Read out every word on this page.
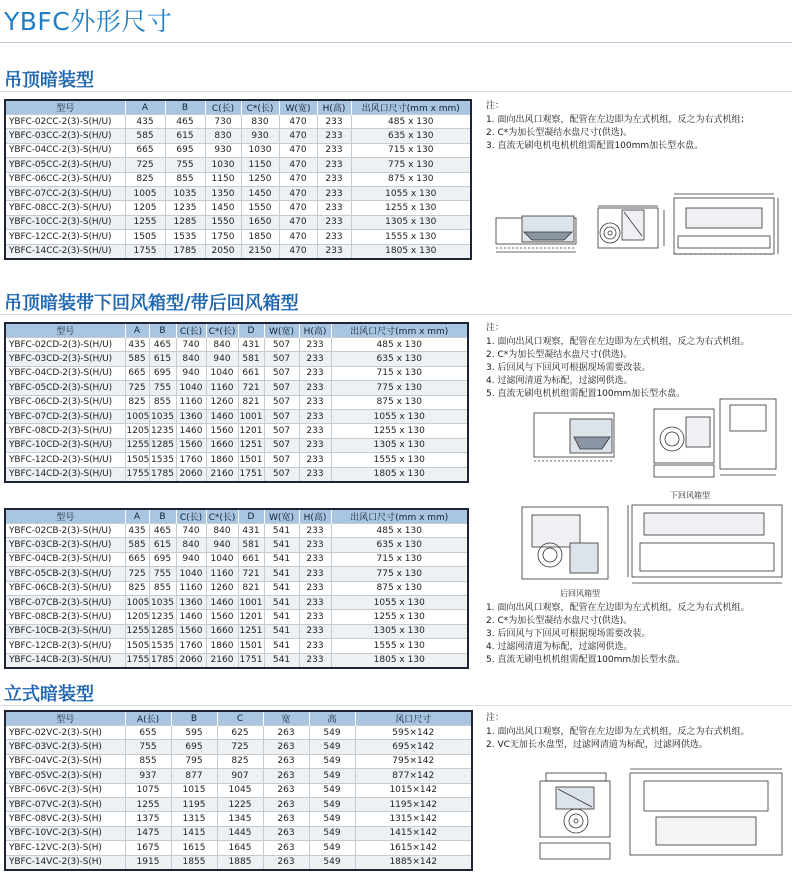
YBFC外形尺寸
吊顶暗装型
型号	A	B	C(长)	C*(长)	W(宽)	H(高)	出风口尺寸(mm x mm)
YBFC-02CC-2(3)-S(H/U)	435	465	730	830	470	233	485 x 130
YBFC-03CC-2(3)-S(H/U)	585	615	830	930	470	233	635 x 130
YBFC-04CC-2(3)-S(H/U)	665	695	930	1030	470	233	715 x 130
YBFC-05CC-2(3)-S(H/U)	725	755	1030	1150	470	233	775 x 130
YBFC-06CC-2(3)-S(H/U)	825	855	1150	1250	470	233	875 x 130
YBFC-07CC-2(3)-S(H/U)	1005	1035	1350	1450	470	233	1055 x 130
YBFC-08CC-2(3)-S(H/U)	1205	1235	1450	1550	470	233	1255 x 130
YBFC-10CC-2(3)-S(H/U)	1255	1285	1550	1650	470	233	1305 x 130
YBFC-12CC-2(3)-S(H/U)	1505	1535	1750	1850	470	233	1555 x 130
YBFC-14CC-2(3)-S(H/U)	1755	1785	2050	2150	470	233	1805 x 130
注：
1. 面向出风口观察，配管在左边即为左式机组，反之为右式机组；
2. C*为加长型凝结水盘尺寸(供选)。
3. 直流无刷电机电机机组需配置100mm加长型水盘。
吊顶暗装带下回风箱型/带后回风箱型
型号	A	B	C(长)	C*(长)	D	W(宽)	H(高)	出风口尺寸(mm x mm)
YBFC-02CD-2(3)-S(H/U)	435	465	740	840	431	507	233	485 x 130
YBFC-03CD-2(3)-S(H/U)	585	615	840	940	581	507	233	635 x 130
YBFC-04CD-2(3)-S(H/U)	665	695	940	1040	661	507	233	715 x 130
YBFC-05CD-2(3)-S(H/U)	725	755	1040	1160	721	507	233	775 x 130
YBFC-06CD-2(3)-S(H/U)	825	855	1160	1260	821	507	233	875 x 130
YBFC-07CD-2(3)-S(H/U)	1005	1035	1360	1460	1001	507	233	1055 x 130
YBFC-08CD-2(3)-S(H/U)	1205	1235	1460	1560	1201	507	233	1255 x 130
YBFC-10CD-2(3)-S(H/U)	1255	1285	1560	1660	1251	507	233	1305 x 130
YBFC-12CD-2(3)-S(H/U)	1505	1535	1760	1860	1501	507	233	1555 x 130
YBFC-14CD-2(3)-S(H/U)	1755	1785	2060	2160	1751	507	233	1805 x 130
注：
1. 面向出风口观察，配管在左边即为左式机组，反之为右式机组。
2. C*为加长型凝结水盘尺寸(供选)。
3. 后回风与下回风可根据现场需要改装。
4. 过滤网清道为标配，过滤网供选。
5. 直流无刷电机机组需配置100mm加长型水盘。
下回风箱型
型号	A	B	C(长)	C*(长)	D	W(宽)	H(高)	出风口尺寸(mm x mm)
YBFC-02CB-2(3)-S(H/U)	435	465	740	840	431	541	233	485 x 130
YBFC-03CB-2(3)-S(H/U)	585	615	840	940	581	541	233	635 x 130
YBFC-04CB-2(3)-S(H/U)	665	695	940	1040	661	541	233	715 x 130
YBFC-05CB-2(3)-S(H/U)	725	755	1040	1160	721	541	233	775 x 130
YBFC-06CB-2(3)-S(H/U)	825	855	1160	1260	821	541	233	875 x 130
YBFC-07CB-2(3)-S(H/U)	1005	1035	1360	1460	1001	541	233	1055 x 130
YBFC-08CB-2(3)-S(H/U)	1205	1235	1460	1560	1201	541	233	1255 x 130
YBFC-10CB-2(3)-S(H/U)	1255	1285	1560	1660	1251	541	233	1305 x 130
YBFC-12CB-2(3)-S(H/U)	1505	1535	1760	1860	1501	541	233	1555 x 130
YBFC-14CB-2(3)-S(H/U)	1755	1785	2060	2160	1751	541	233	1805 x 130
后回风箱型
1. 面向出风口观察，配管在左边即为左式机组，反之为右式机组。
2. C*为加长型凝结水盘尺寸(供选)。
3. 后回风与下回风可根据现场需要改装。
4. 过滤网清道为标配，过滤网供选。
5. 直流无刷电机机组需配置100mm加长型水盘。
立式暗装型
型号	A(长)	B	C	宽	高	风口尺寸
YBFC-02VC-2(3)-S(H)	655	595	625	263	549	595×142
YBFC-03VC-2(3)-S(H)	755	695	725	263	549	695×142
YBFC-04VC-2(3)-S(H)	855	795	825	263	549	795×142
YBFC-05VC-2(3)-S(H)	937	877	907	263	549	877×142
YBFC-06VC-2(3)-S(H)	1075	1015	1045	263	549	1015×142
YBFC-07VC-2(3)-S(H)	1255	1195	1225	263	549	1195×142
YBFC-08VC-2(3)-S(H)	1375	1315	1345	263	549	1315×142
YBFC-10VC-2(3)-S(H)	1475	1415	1445	263	549	1415×142
YBFC-12VC-2(3)-S(H)	1675	1615	1645	263	549	1615×142
YBFC-14VC-2(3)-S(H)	1915	1855	1885	263	549	1885×142
注：
1. 面向出风口观察，配管在左边即为左式机组，反之为右式机组。
2. VC无加长水盘型，过滤网清道为标配，过滤网供选。
